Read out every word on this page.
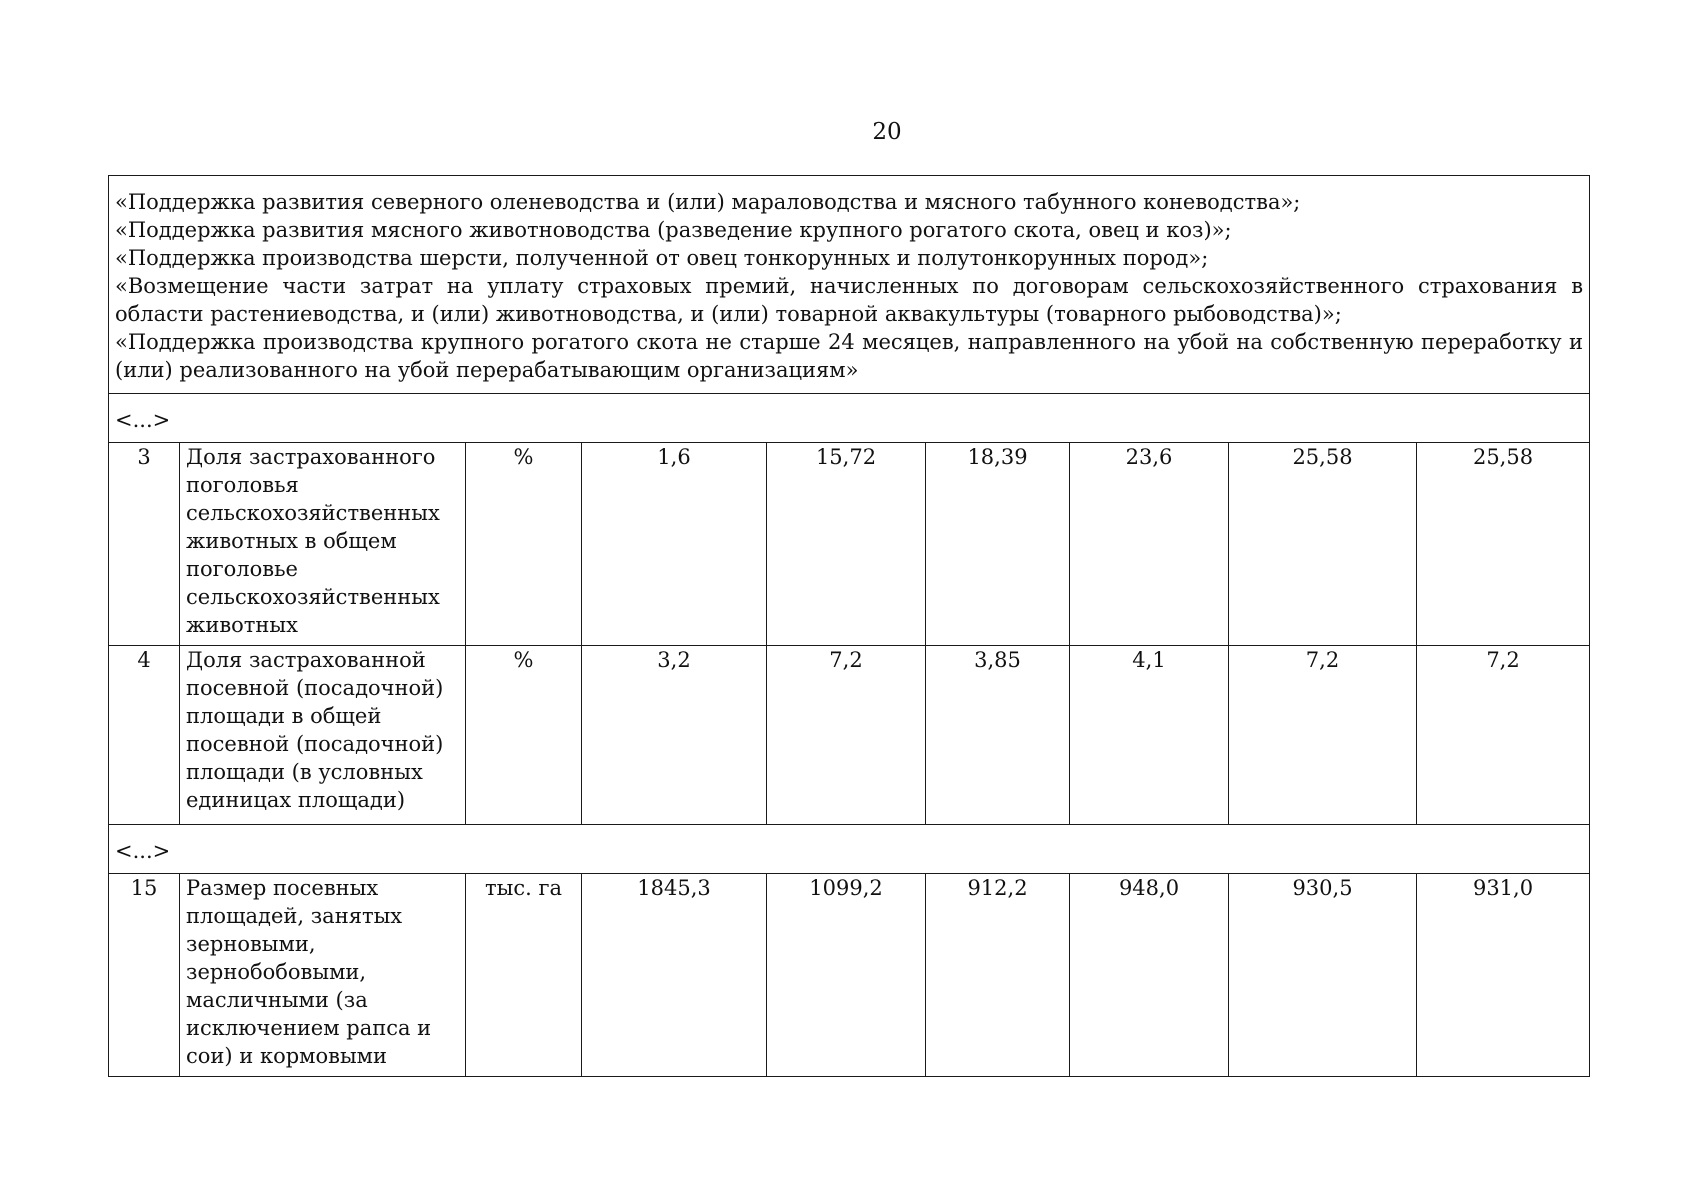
20

«Поддержка развития северного оленеводства и (или) мараловодства и мясного табунного коневодства»;

«Поддержка развития мясного животноводства (разведение крупного рогатого скота, овец и коз)»;

«Поддержка производства шерсти, полученной от овец тонкорунных и полутонкорунных пород»;

«Возмещение части затрат на уплату страховых премий, начисленных по договорам сельскохозяйственного страхования в области растениеводства, и (или) животноводства, и (или) товарной аквакультуры (товарного рыбоводства)»;

«Поддержка производства крупного рогатого скота не старше 24 месяцев, направленного на убой на собственную переработку и (или) реализованного на убой перерабатывающим организациям»								

<...>								
3	Доля застрахованного поголовья сельскохозяйственных животных в общем поголовье сельскохозяйственных животных	%	1,6	15,72	18,39	23,6	25,58	25,58
4	Доля застрахованной посевной (посадочной) площади в общей посевной (посадочной) площади (в условных единицах площади)	%	3,2	7,2	3,85	4,1	7,2	7,2
<...>								
15	Размер посевных площадей, занятых зерновыми, зернобобовыми, масличными (за исключением рапса и сои) и кормовыми	тыс. га	1845,3	1099,2	912,2	948,0	930,5	931,0
